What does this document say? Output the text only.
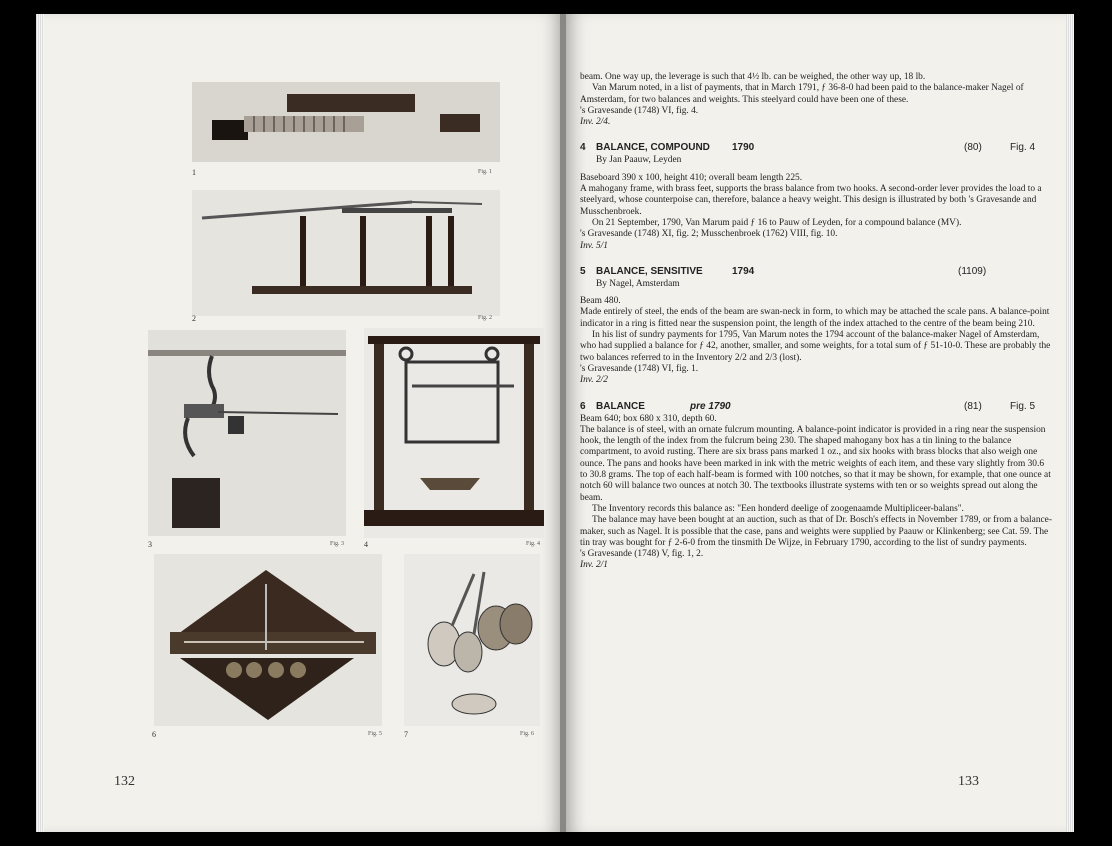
1	Fig. 1
2	Fig. 2
3	Fig. 3 4	Fig. 4
6	Fig. 5	7	Fig. 6
132

beam. One way up, the leverage is such that 4½ lb. can be weighed, the other way up, 18 lb.

Van Marum noted, in a list of payments, that in March 1791, ƒ 36-8-0 had been paid to the balance-maker Nagel of Amsterdam, for two balances and weights. This steelyard could have been one of these.

's Gravesande (1748) VI, fig. 4.

Inv. 2/4.

4 BALANCE, COMPOUND 1790	(80)	Fig. 4

By Jan Paauw, Leyden

Baseboard 390 x 100, height 410; overall beam length 225.

A mahogany frame, with brass feet, supports the brass balance from two hooks. A second-order lever provides the load to a steelyard, whose counterpoise can, therefore, balance a heavy weight. This design is illustrated by both 's Gravesande and Musschenbroek.

On 21 September, 1790, Van Marum paid ƒ 16 to Pauw of Leyden, for a compound balance (MV).

's Gravesande (1748) XI, fig. 2; Musschenbroek (1762) VIII, fig. 10.

Inv. 5/1

5 BALANCE, SENSITIVE	1794	(1109)

By Nagel, Amsterdam

Beam 480.

Made entirely of steel, the ends of the beam are swan-neck in form, to which may be attached the scale pans. A balance-point indicator in a ring is fitted near the suspension point, the length of the index attached to the centre of the beam being 210.

In his list of sundry payments for 1795, Van Marum notes the 1794 account of the balance-maker Nagel of Amsterdam, who had supplied a balance for ƒ 42, another, smaller, and some weights, for a total sum of ƒ 51-10-0. These are probably the two balances referred to in the Inventory 2/2 and 2/3 (lost).

's Gravesande (1748) VI, fig. 1.

Inv. 2/2

6 BALANCE	pre 1790	(81)	Fig. 5

Beam 640; box 680 x 310, depth 60.

The balance is of steel, with an ornate fulcrum mounting. A balance-point indicator is provided in a ring near the suspension hook, the length of the index from the fulcrum being 230. The shaped mahogany box has a tin lining to the balance compartment, to avoid rusting. There are six brass pans marked 1 oz., and six hooks with brass blocks that also weigh one ounce. The pans and hooks have been marked in ink with the metric weights of each item, and these vary slightly from 30.6 to 30.8 grams. The top of each half-beam is formed with 100 notches, so that it may be shown, for example, that one ounce at notch 60 will balance two ounces at notch 30. The textbooks illustrate systems with ten or so weights spread out along the beam.

The Inventory records this balance as: "Een honderd deelige of zoogenaamde Multiplicеer-balans".

The balance may have been bought at an auction, such as that of Dr. Bosch's effects in November 1789, or from a balance-maker, such as Nagel. It is possible that the case, pans and weights were supplied by Paauw or Klinkenberg; see Cat. 59. The tin tray was bought for ƒ 2-6-0 from the tinsmith De Wijze, in February 1790, according to the list of sundry payments.

's Gravesande (1748) V, fig. 1, 2.

Inv. 2/1

133
